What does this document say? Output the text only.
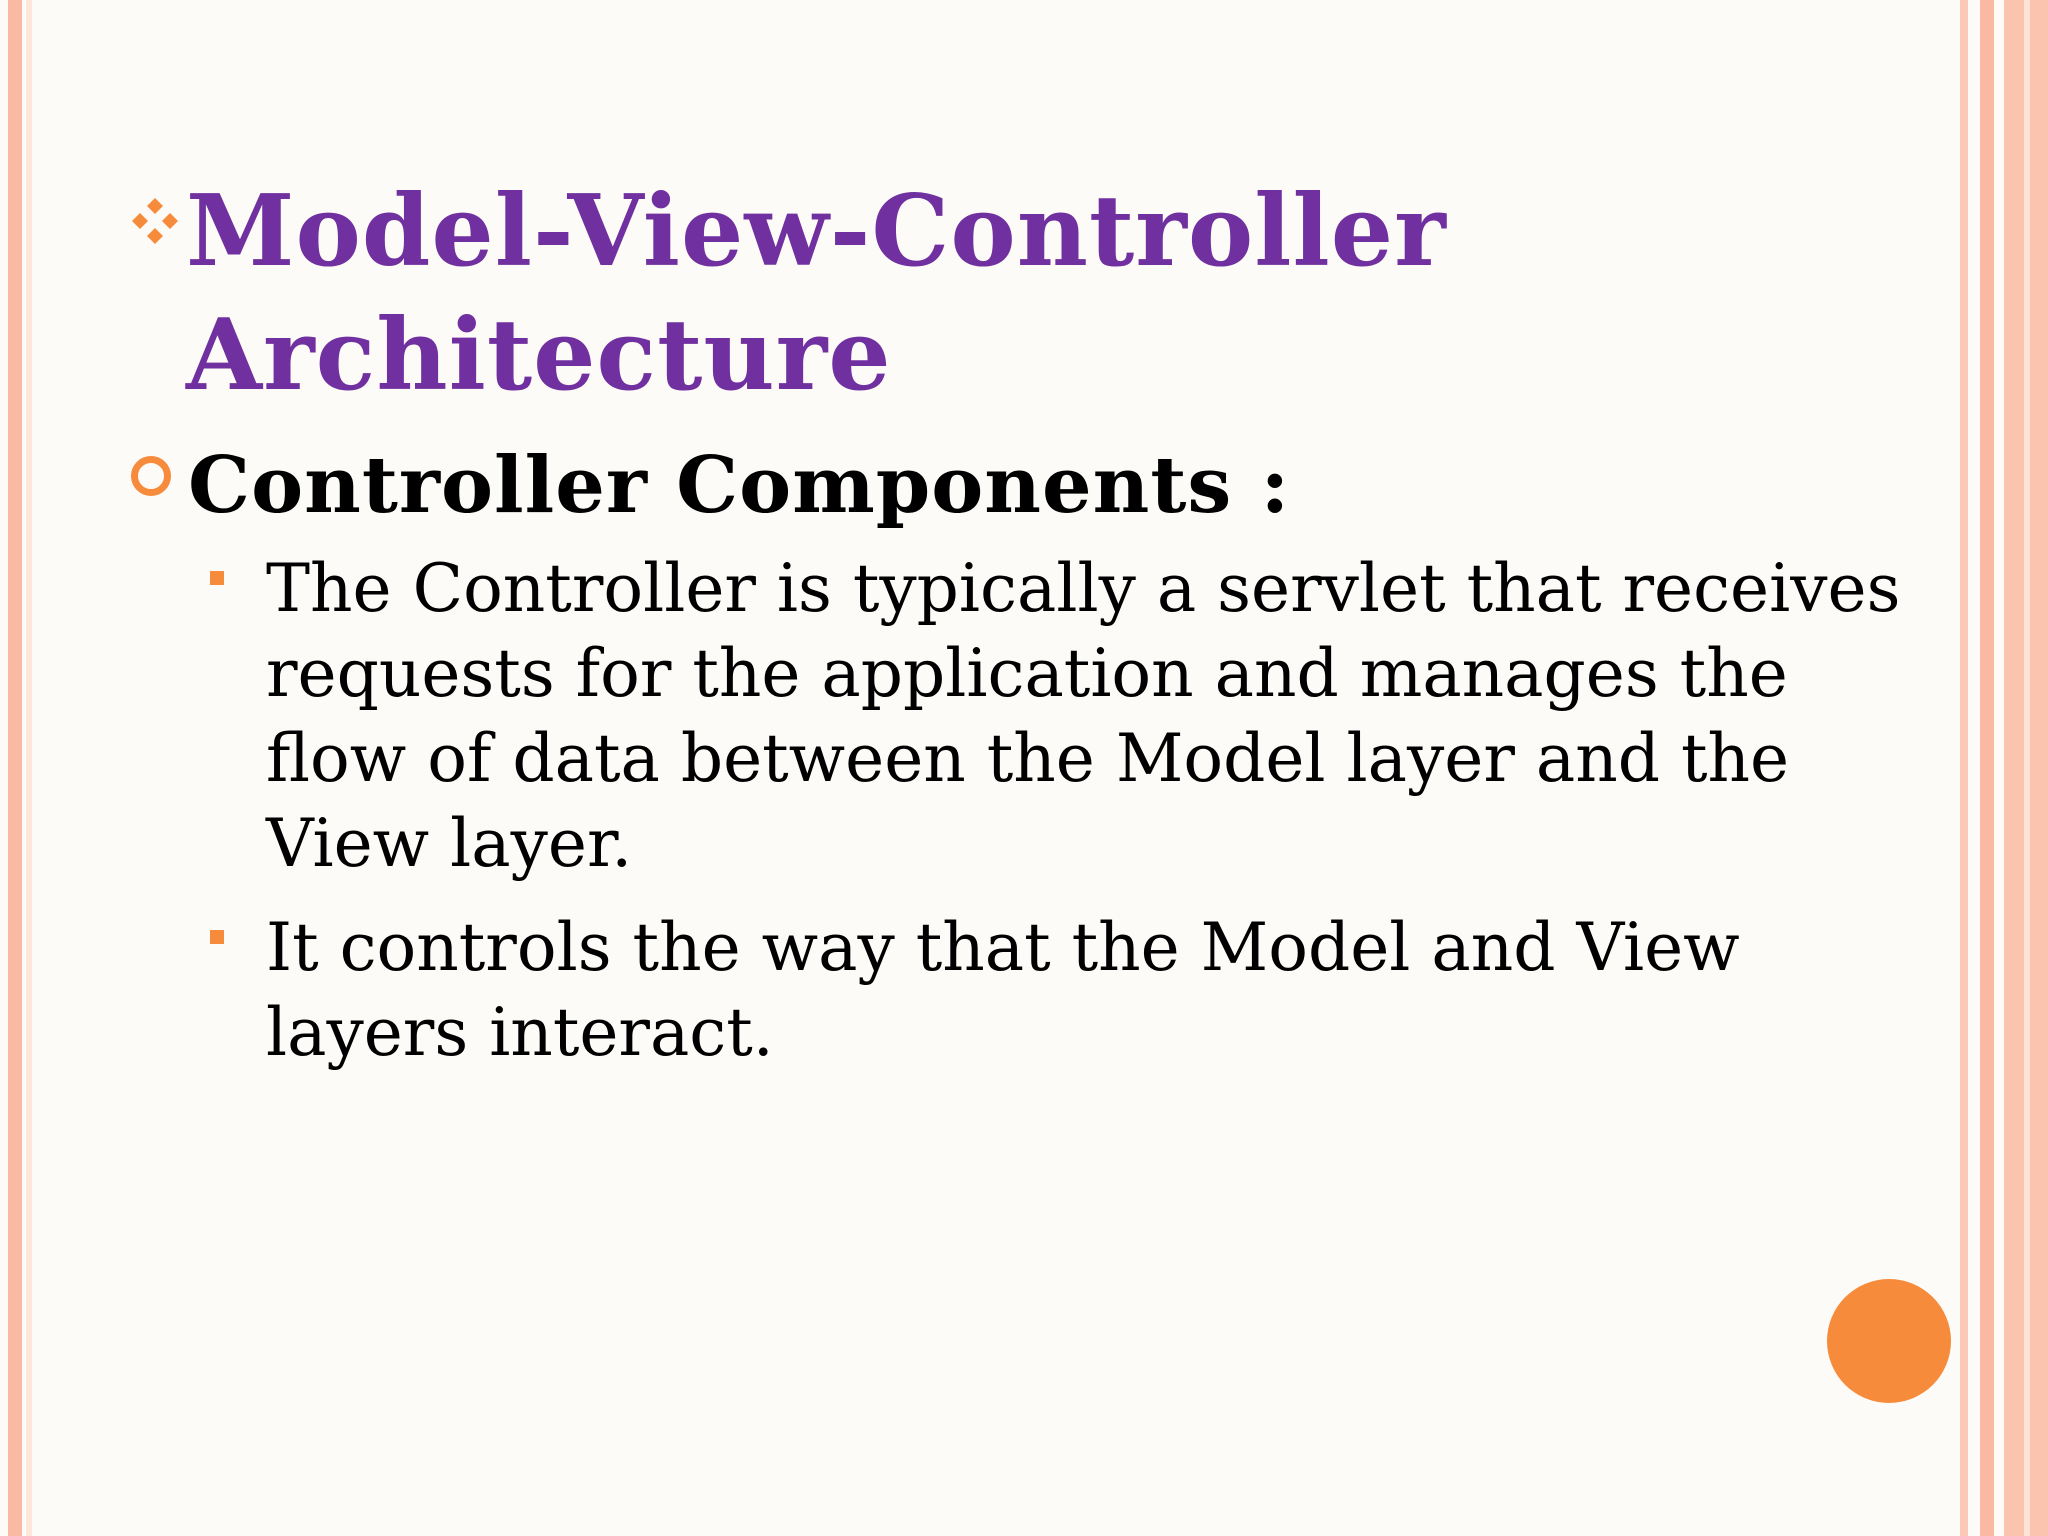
Model-View-Controller Architecture

Controller Components :

The Controller is typically a servlet that receives requests for the application and manages the flow of data between the Model layer and the View layer.

It controls the way that the Model and View layers interact.
